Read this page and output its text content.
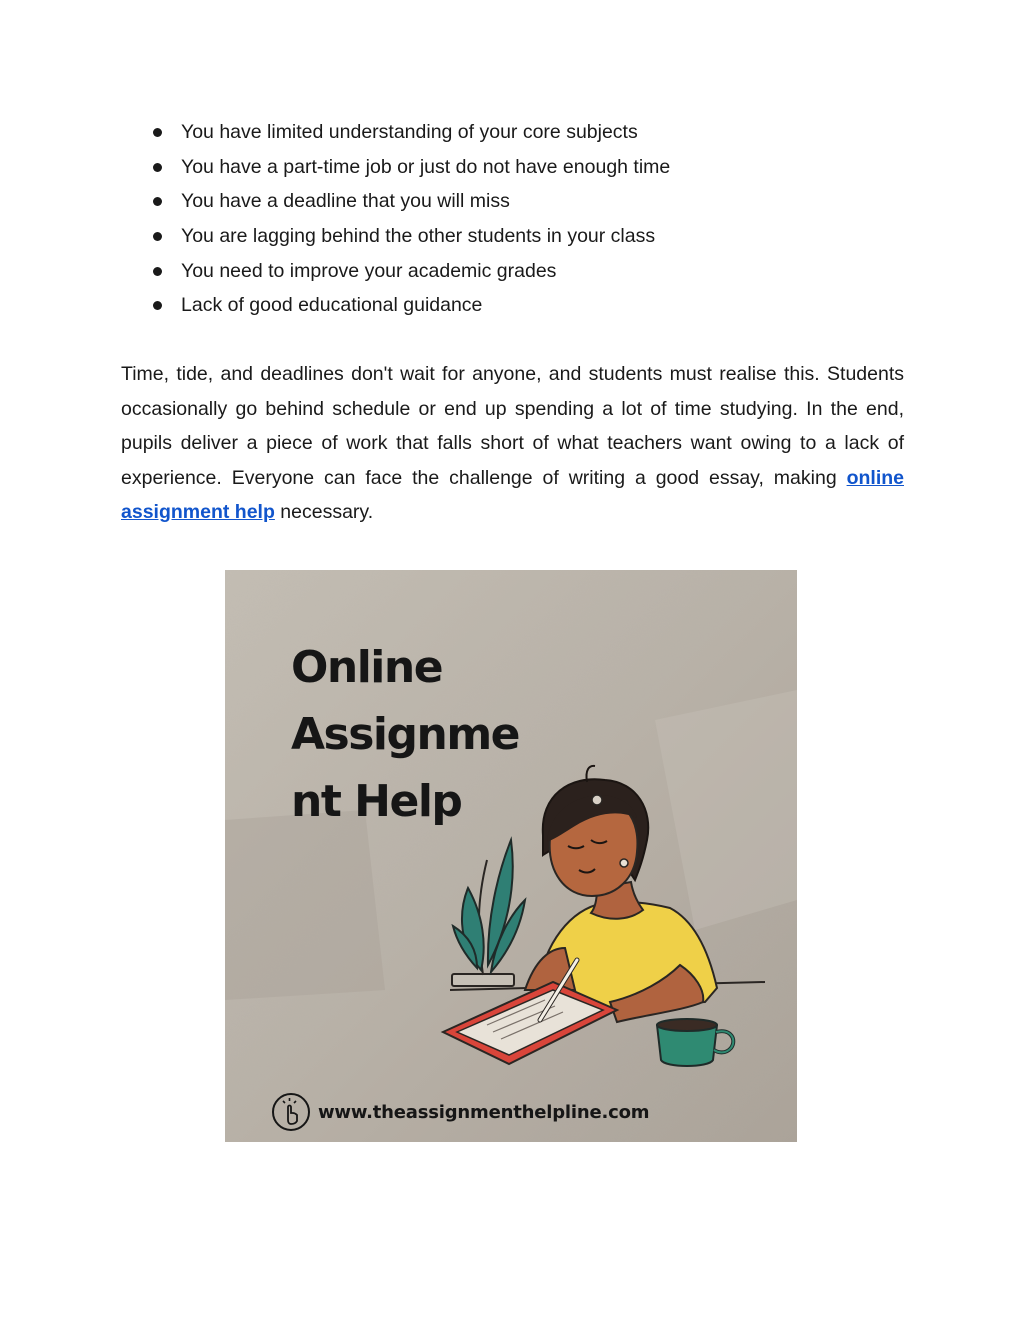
You have limited understanding of your core subjects
You have a part-time job or just do not have enough time
You have a deadline that you will miss
You are lagging behind the other students in your class
You need to improve your academic grades
Lack of good educational guidance

Time, tide, and deadlines don't wait for anyone, and students must realise this. Students occasionally go behind schedule or end up spending a lot of time studying. In the end, pupils deliver a piece of work that falls short of what teachers want owing to a lack of experience. Everyone can face the challenge of writing a good essay, making online assignment help necessary.

Online
Assignme
nt Help
www.theassignmenthelpline.com
